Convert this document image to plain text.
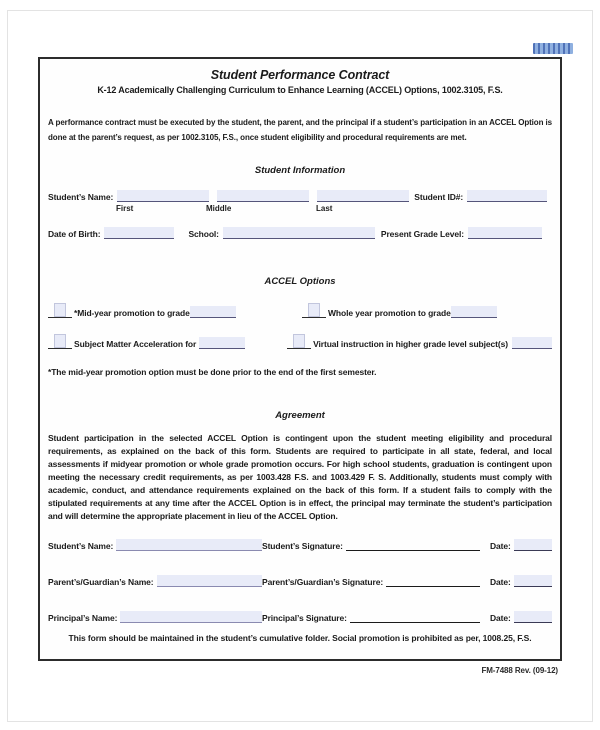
Student Performance Contract
K-12 Academically Challenging Curriculum to Enhance Learning (ACCEL) Options, 1002.3105, F.S.
A performance contract must be executed by the student, the parent, and the principal if a student’s participation in an ACCEL Option is done at the parent’s request, as per 1002.3105, F.S., once student eligibility and procedural requirements are met.
Student Information
Student’s Name:	Student ID#:
First	Middle	Last
Date of Birth:	School:	Present Grade Level:
ACCEL Options
*Mid-year promotion to grade	Whole year promotion to grade
Subject Matter Acceleration for	Virtual instruction in higher grade level subject(s)
*The mid-year promotion option must be done prior to the end of the first semester.
Agreement
Student participation in the selected ACCEL Option is contingent upon the student meeting eligibility and procedural requirements, as explained on the back of this form. Students are required to participate in all state, federal, and local assessments if midyear promotion or whole grade promotion occurs. For high school students, graduation is contingent upon meeting the necessary credit requirements, as per 1003.428 F.S. and 1003.429 F. S. Additionally, students must comply with academic, conduct, and attendance requirements explained on the back of this form. If a student fails to comply with the stipulated requirements at any time after the ACCEL Option is in effect, the principal may terminate the student’s participation and will determine the appropriate placement in lieu of the ACCEL Option.
Student’s Name:	Student’s Signature:	Date:
Parent’s/Guardian’s Name:	Parent’s/Guardian’s Signature:	Date:
Principal’s Name:	Principal’s Signature:	Date:
This form should be maintained in the student’s cumulative folder. Social promotion is prohibited as per, 1008.25, F.S.
FM-7488 Rev. (09-12)
